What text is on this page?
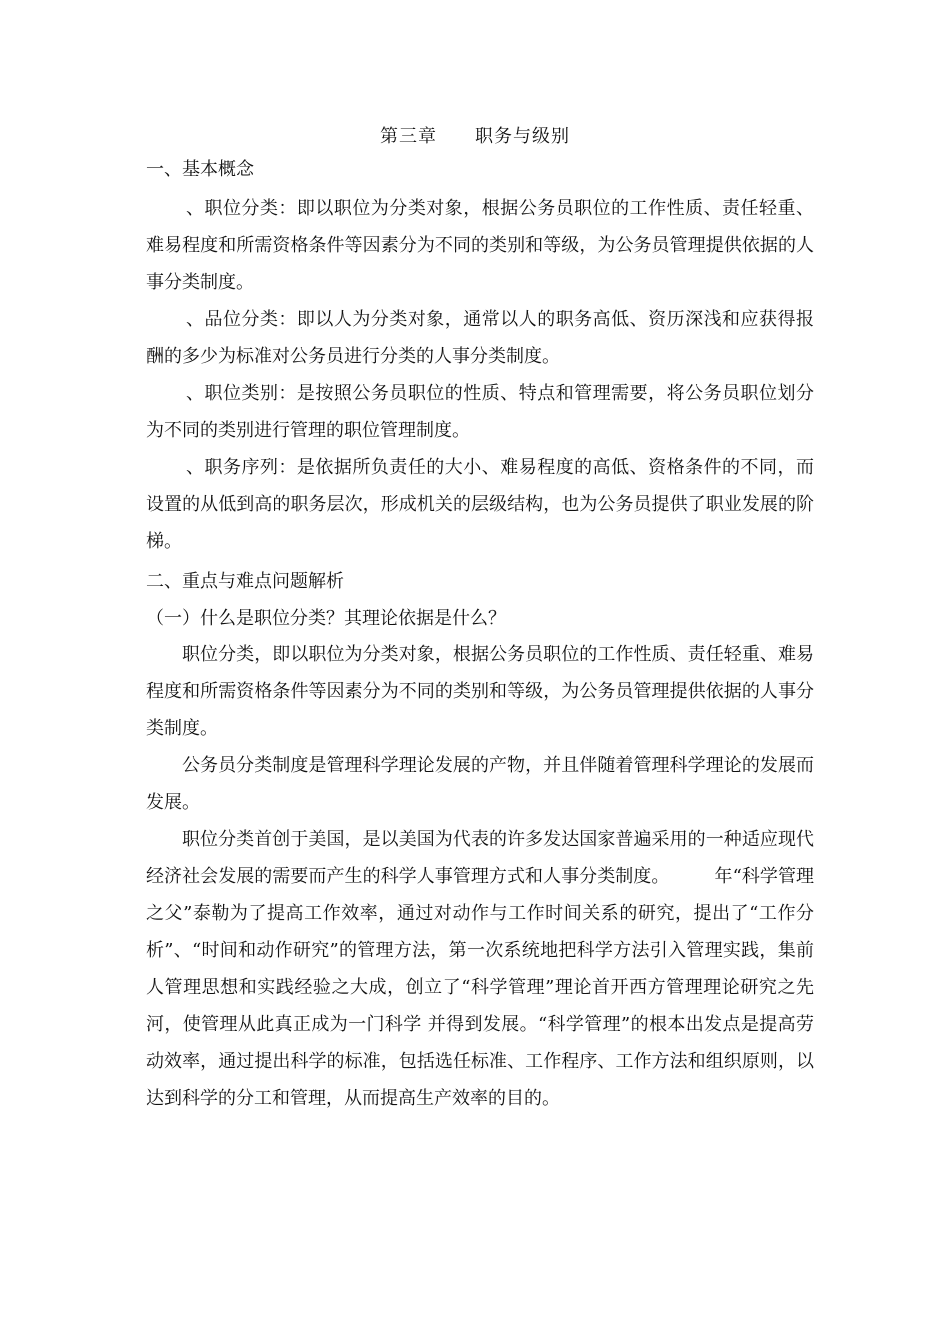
第三章 职务与级别
一、基本概念
、职位分类：即以职位为分类对象，根据公务员职位的工作性质、责任轻重、难易程度和所需资格条件等因素分为不同的类别和等级，为公务员管理提供依据的人事分类制度。
、品位分类：即以人为分类对象，通常以人的职务高低、资历深浅和应获得报酬的多少为标准对公务员进行分类的人事分类制度。
、职位类别：是按照公务员职位的性质、特点和管理需要，将公务员职位划分为不同的类别进行管理的职位管理制度。
、职务序列：是依据所负责任的大小、难易程度的高低、资格条件的不同，而设置的从低到高的职务层次，形成机关的层级结构，也为公务员提供了职业发展的阶梯。
二、重点与难点问题解析
（一）什么是职位分类？其理论依据是什么？
职位分类，即以职位为分类对象，根据公务员职位的工作性质、责任轻重、难易程度和所需资格条件等因素分为不同的类别和等级，为公务员管理提供依据的人事分类制度。
公务员分类制度是管理科学理论发展的产物，并且伴随着管理科学理论的发展而发展。
职位分类首创于美国，是以美国为代表的许多发达国家普遍采用的一种适应现代经济社会发展的需要而产生的科学人事管理方式和人事分类制度。　　　年“科学管理之父”泰勒为了提高工作效率，通过对动作与工作时间关系的研究，提出了“工作分析”、“时间和动作研究”的管理方法，第一次系统地把科学方法引入管理实践，集前人管理思想和实践经验之大成，创立了“科学管理”理论首开西方管理理论研究之先河，使管理从此真正成为一门科学 并得到发展。“科学管理”的根本出发点是提高劳动效率，通过提出科学的标准，包括选任标准、工作程序、工作方法和组织原则，以达到科学的分工和管理，从而提高生产效率的目的。
